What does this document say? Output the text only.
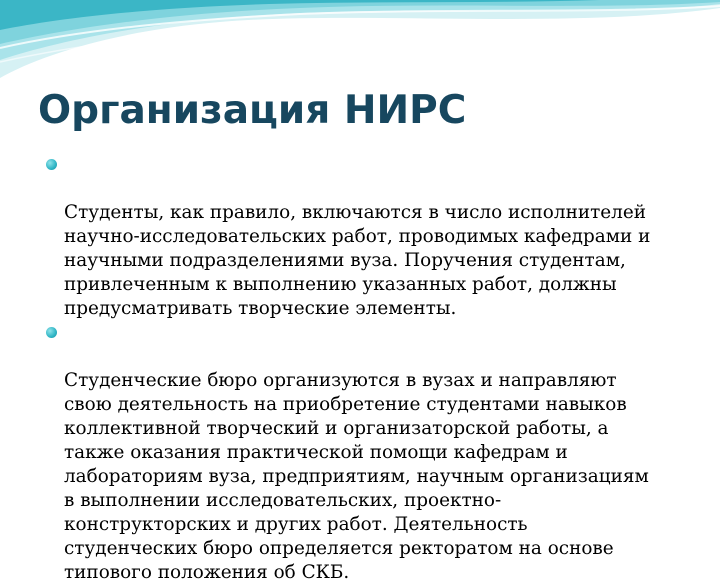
Организация НИРС

Студенты, как правило, включаются в число исполнителей
научно-исследовательских работ, проводимых кафедрами и
научными подразделениями вуза. Поручения студентам,
привлеченным к выполнению указанных работ, должны
предусматривать творческие элементы.

Студенческие бюро организуются в вузах и направляют
свою деятельность на приобретение студентами навыков
коллективной творческий и организаторской работы, а
также оказания практической помощи кафедрам и
лабораториям вуза, предприятиям, научным организациям
в выполнении исследовательских, проектно-
конструкторских и других работ. Деятельность
студенческих бюро определяется ректоратом на основе
типового положения об СКБ.
